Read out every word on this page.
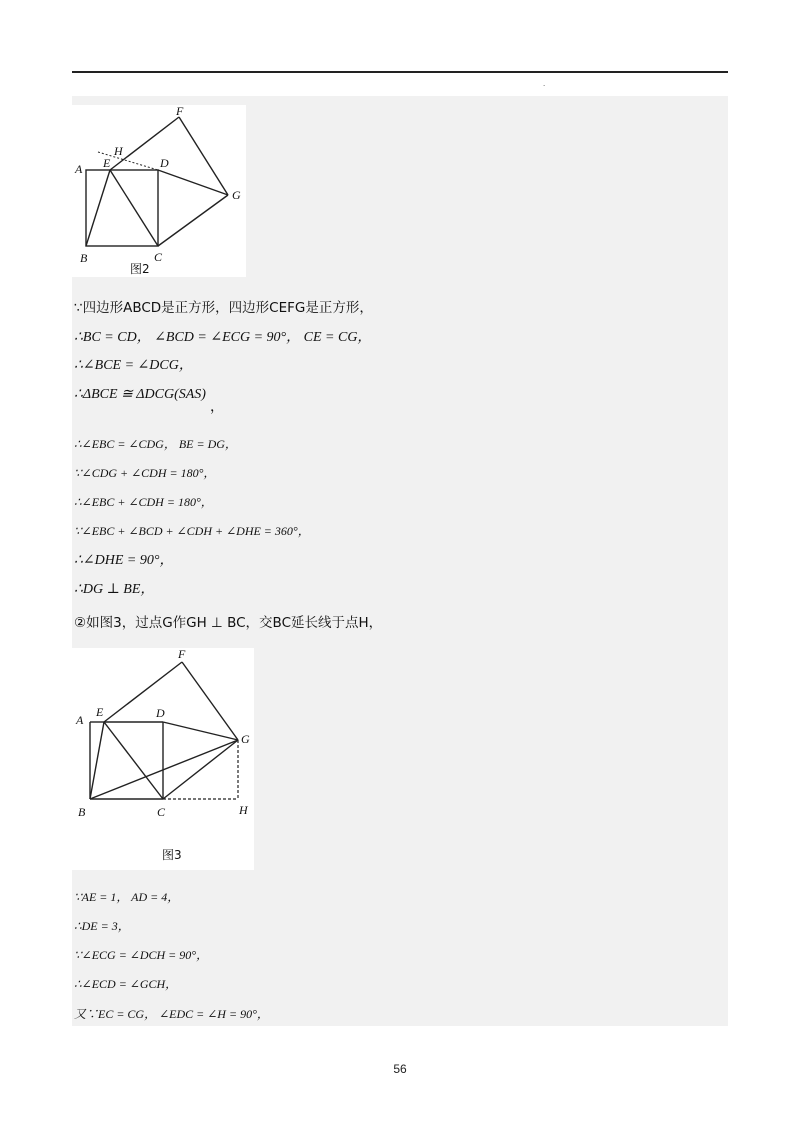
·
A E
H
D
F
G
B	C
图2
∵四边形ABCD是正方形，四边形CEFG是正方形，
∴BC = CD， ∠BCD = ∠ECG = 90°， CE = CG，
∴∠BCE = ∠DCG，
∴ΔBCE ≅ ΔDCG(SAS)
，
∴∠EBC = ∠CDG， BE = DG，
∵∠CDG + ∠CDH = 180°，
∴∠EBC + ∠CDH = 180°，
∵∠EBC + ∠BCD + ∠CDH + ∠DHE = 360°，
∴∠DHE = 90°，
∴DG ⊥ BE，
②如图3，过点G作GH ⊥ BC，交BC延长线于点H，
A
E	D
F
G
B	C	H
图3
∵AE = 1， AD = 4，
∴DE = 3，
∵∠ECG = ∠DCH = 90°，
∴∠ECD = ∠GCH，
又∵EC = CG， ∠EDC = ∠H = 90°，
56
